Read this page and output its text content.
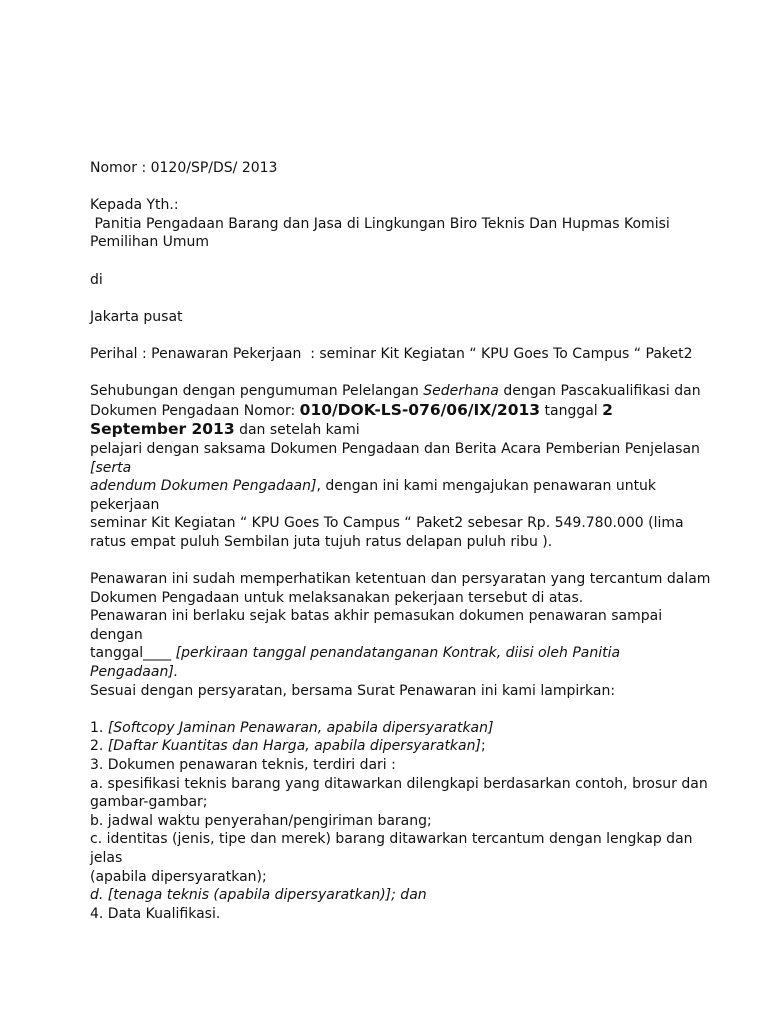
Nomor : 0120/SP/DS/ 2013
Kepada Yth.:
Panitia Pengadaan Barang dan Jasa di Lingkungan Biro Teknis Dan Hupmas Komisi
Pemilihan Umum
di
Jakarta pusat
Perihal : Penawaran Pekerjaan  : seminar Kit Kegiatan “ KPU Goes To Campus “ Paket2
Sehubungan dengan pengumuman Pelelangan Sederhana dengan Pascakualifikasi dan
Dokumen Pengadaan Nomor: 010/DOK-LS-076/06/IX/2013 tanggal 2
September 2013 dan setelah kami
pelajari dengan saksama Dokumen Pengadaan dan Berita Acara Pemberian Penjelasan
[serta
adendum Dokumen Pengadaan], dengan ini kami mengajukan penawaran untuk
pekerjaan
seminar Kit Kegiatan “ KPU Goes To Campus “ Paket2 sebesar Rp. 549.780.000 (lima
ratus empat puluh Sembilan juta tujuh ratus delapan puluh ribu ).
Penawaran ini sudah memperhatikan ketentuan dan persyaratan yang tercantum dalam
Dokumen Pengadaan untuk melaksanakan pekerjaan tersebut di atas.
Penawaran ini berlaku sejak batas akhir pemasukan dokumen penawaran sampai
dengan
tanggal____ [perkiraan tanggal penandatanganan Kontrak, diisi oleh Panitia
Pengadaan].
Sesuai dengan persyaratan, bersama Surat Penawaran ini kami lampirkan:
1. [Softcopy Jaminan Penawaran, apabila dipersyaratkan]
2. [Daftar Kuantitas dan Harga, apabila dipersyaratkan];
3. Dokumen penawaran teknis, terdiri dari :
a. spesifikasi teknis barang yang ditawarkan dilengkapi berdasarkan contoh, brosur dan
gambar-gambar;
b. jadwal waktu penyerahan/pengiriman barang;
c. identitas (jenis, tipe dan merek) barang ditawarkan tercantum dengan lengkap dan
jelas
(apabila dipersyaratkan);
d. [tenaga teknis (apabila dipersyaratkan)]; dan
4. Data Kualifikasi.
